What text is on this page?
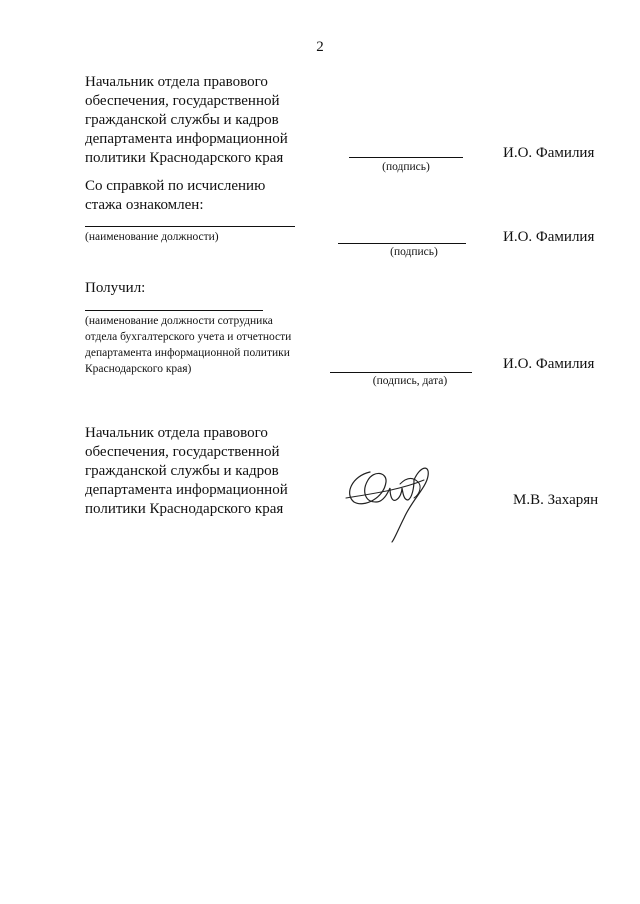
2
Начальник отдела правового
обеспечения, государственной
гражданской службы и кадров
департамента информационной
политики Краснодарского края
(подпись)
И.О. Фамилия
Со справкой по исчислению
стажа ознакомлен:
(наименование должности)
(подпись)
И.О. Фамилия
Получил:
(наименование должности сотрудника
отдела бухгалтерского учета и отчетности
департамента информационной политики
Краснодарского края)
(подпись, дата)
И.О. Фамилия
Начальник отдела правового
обеспечения, государственной
гражданской службы и кадров
департамента информационной
политики Краснодарского края
М.В. Захарян
